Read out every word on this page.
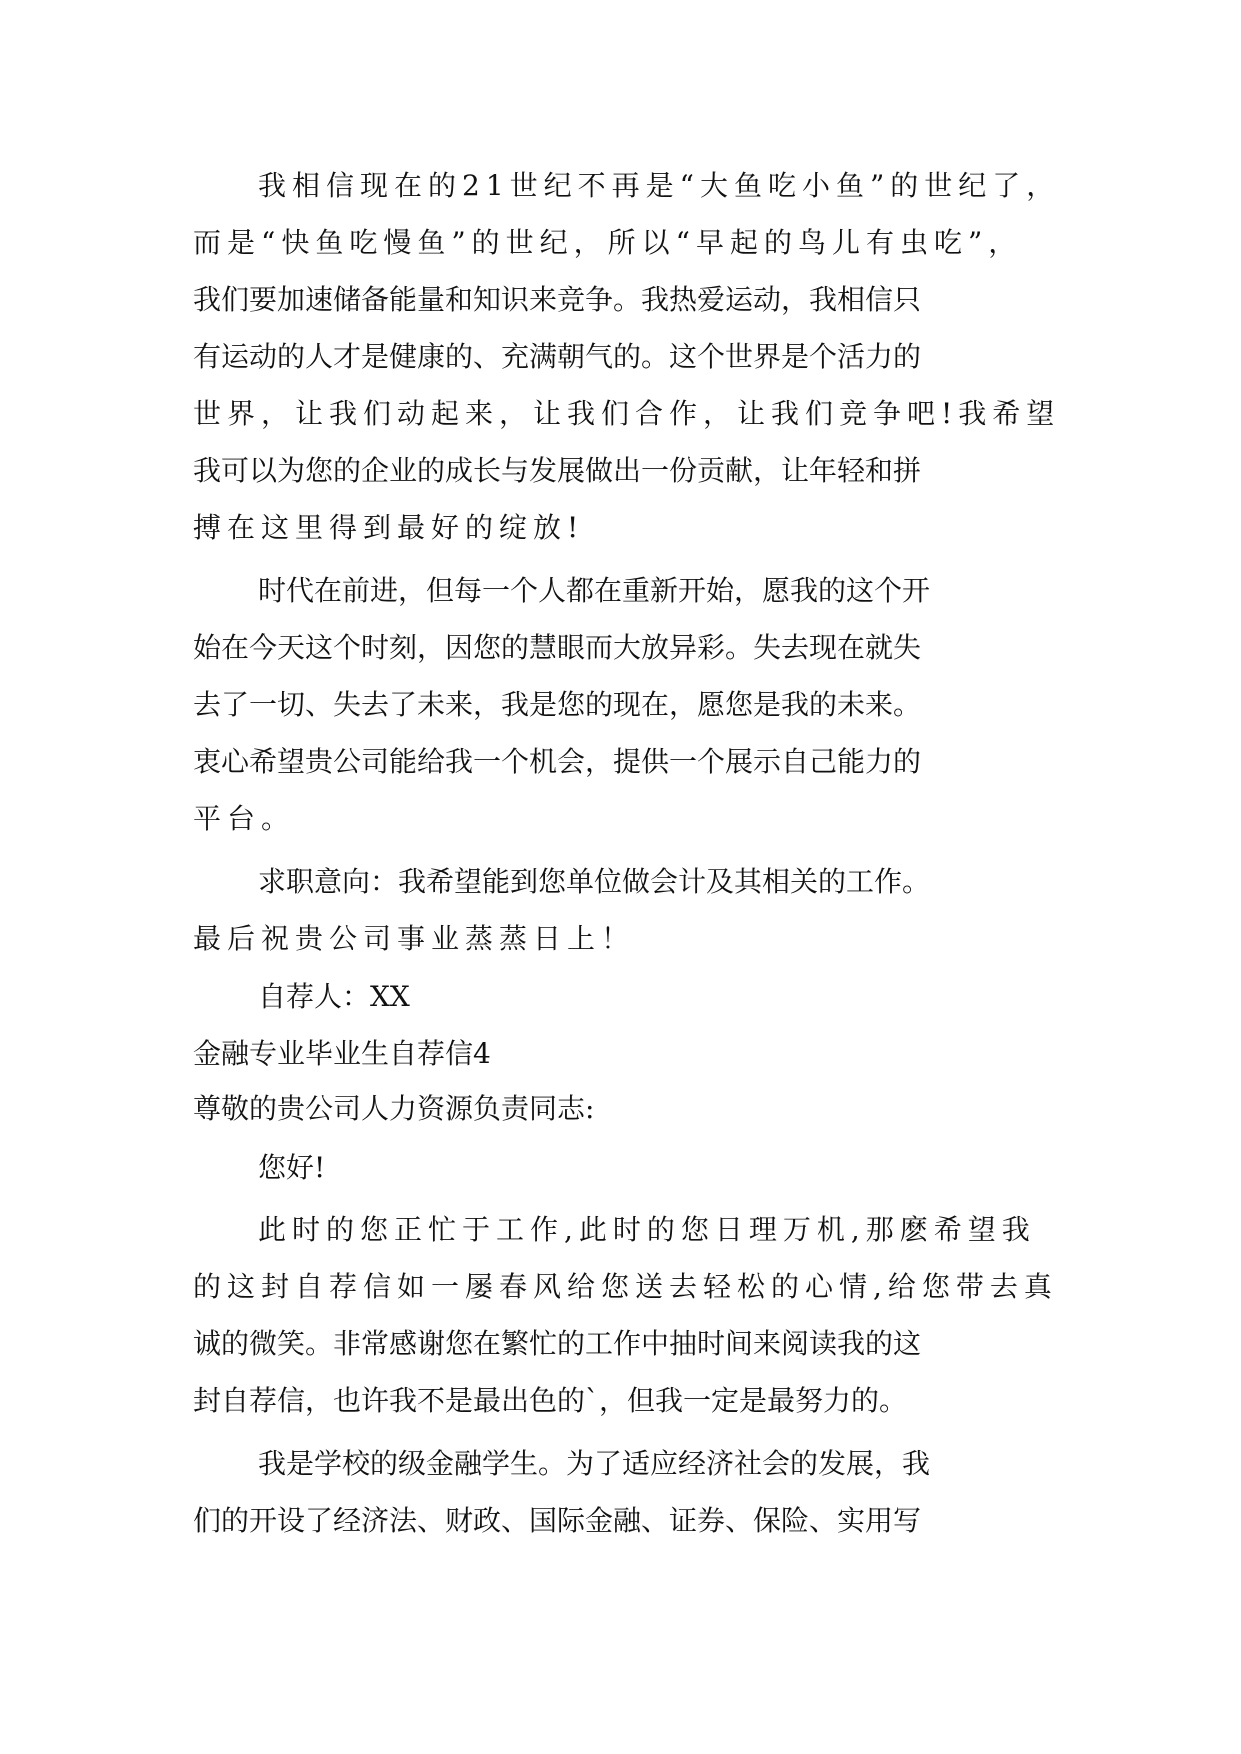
我相信现在的21世纪不再是“大鱼吃小鱼”的世纪了，
而是“快鱼吃慢鱼”的世纪，所以“早起的鸟儿有虫吃”，
我们要加速储备能量和知识来竞争。我热爱运动，我相信只
有运动的人才是健康的、充满朝气的。这个世界是个活力的
世界，让我们动起来，让我们合作，让我们竞争吧!我希望
我可以为您的企业的成长与发展做出一份贡献，让年轻和拼
搏在这里得到最好的绽放!
时代在前进，但每一个人都在重新开始，愿我的这个开
始在今天这个时刻，因您的慧眼而大放异彩。失去现在就失
去了一切、失去了未来，我是您的现在，愿您是我的未来。
衷心希望贵公司能给我一个机会，提供一个展示自己能力的
平台。
求职意向：我希望能到您单位做会计及其相关的工作。
最后祝贵公司事业蒸蒸日上！
自荐人：XX
金融专业毕业生自荐信4
尊敬的贵公司人力资源负责同志:
您好!
此时的您正忙于工作,此时的您日理万机,那麽希望我
的这封自荐信如一屡春风给您送去轻松的心情,给您带去真
诚的微笑。非常感谢您在繁忙的工作中抽时间来阅读我的这
封自荐信，也许我不是最出色的`，但我一定是最努力的。
我是学校的级金融学生。为了适应经济社会的发展，我
们的开设了经济法、财政、国际金融、证券、保险、实用写
